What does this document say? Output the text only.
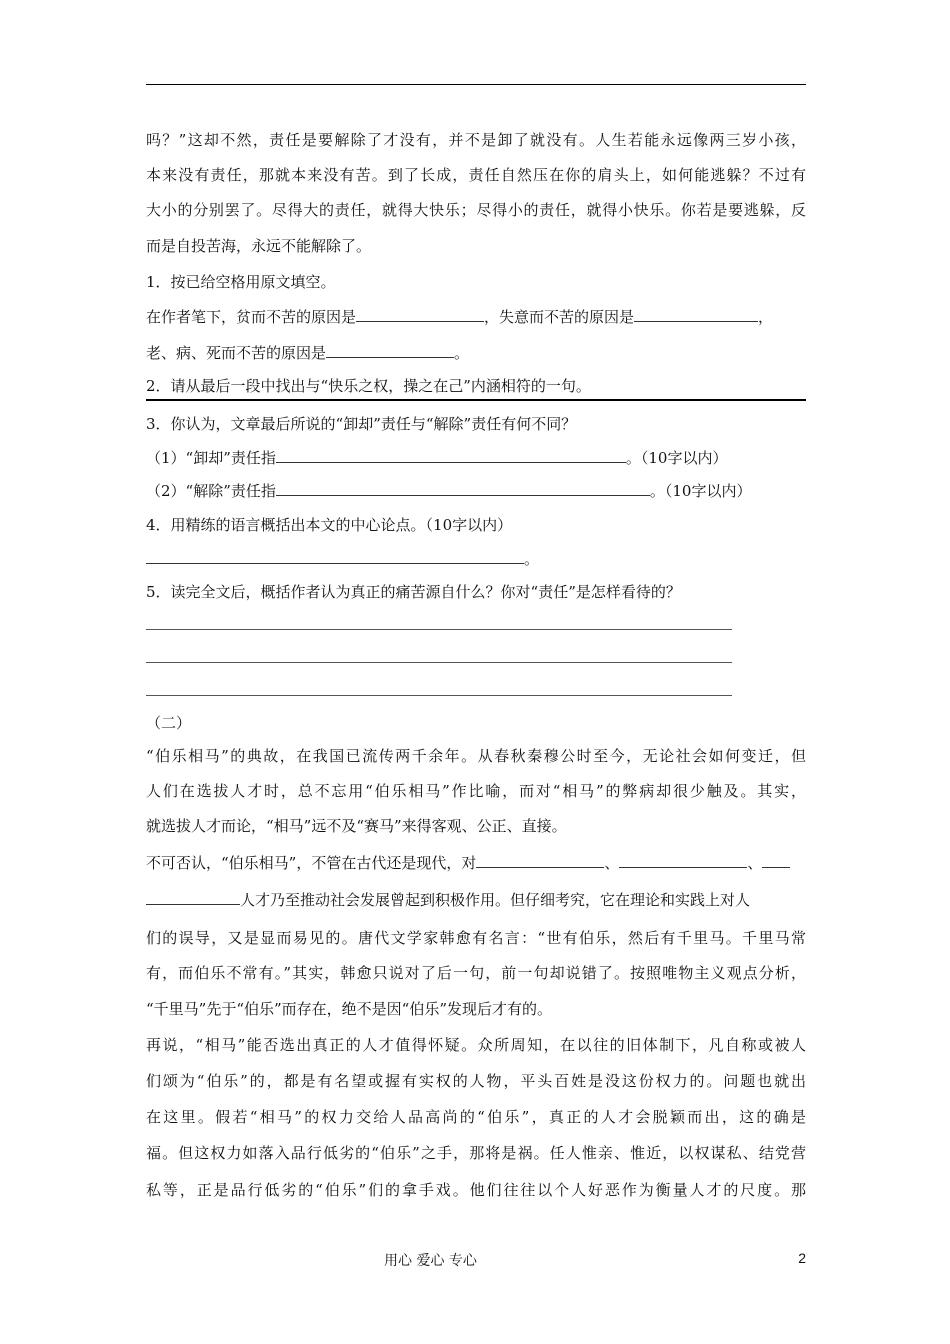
吗？”这却不然，责任是要解除了才没有，并不是卸了就没有。人生若能永远像两三岁小孩，
本来没有责任，那就本来没有苦。到了长成，责任自然压在你的肩头上，如何能逃躲？不过有
大小的分别罢了。尽得大的责任，就得大快乐；尽得小的责任，就得小快乐。你若是要逃躲，反
而是自投苦海，永远不能解除了。
1．按已给空格用原文填空。
在作者笔下，贫而不苦的原因是	，失意而不苦的原因是	，
老、病、死而不苦的原因是	。
2．请从最后一段中找出与“快乐之权，操之在己”内涵相符的一句。
3．你认为，文章最后所说的“卸却”责任与“解除”责任有何不同？
（1）“卸却”责任指	。（10字以内）
（2）“解除”责任指	。（10字以内）
4．用精练的语言概括出本文的中心论点。（10字以内）
。
5．读完全文后，概括作者认为真正的痛苦源自什么？你对“责任”是怎样看待的？
（二）
“伯乐相马”的典故，在我国已流传两千余年。从春秋秦穆公时至今，无论社会如何变迁，但
人们在选拔人才时，总不忘用“伯乐相马”作比喻，而对“相马”的弊病却很少触及。其实，
就选拔人才而论，“相马”远不及“赛马”来得客观、公正、直接。
不可否认，“伯乐相马”，不管在古代还是现代，对	、	、
人才乃至推动社会发展曾起到积极作用。但仔细考究，它在理论和实践上对人
们的误导，又是显而易见的。唐代文学家韩愈有名言：“世有伯乐，然后有千里马。千里马常
有，而伯乐不常有。”其实，韩愈只说对了后一句，前一句却说错了。按照唯物主义观点分析，
“千里马”先于“伯乐”而存在，绝不是因“伯乐”发现后才有的。
再说，“相马”能否选出真正的人才值得怀疑。众所周知，在以往的旧体制下，凡自称或被人
们颂为“伯乐”的，都是有名望或握有实权的人物，平头百姓是没这份权力的。问题也就出
在这里。假若“相马”的权力交给人品高尚的“伯乐”，真正的人才会脱颖而出，这的确是
福。但这权力如落入品行低劣的“伯乐”之手，那将是祸。任人惟亲、惟近，以权谋私、结党营
私等，正是品行低劣的“伯乐”们的拿手戏。他们往往以个人好恶作为衡量人才的尺度。那
用心 爱心 专心	2
